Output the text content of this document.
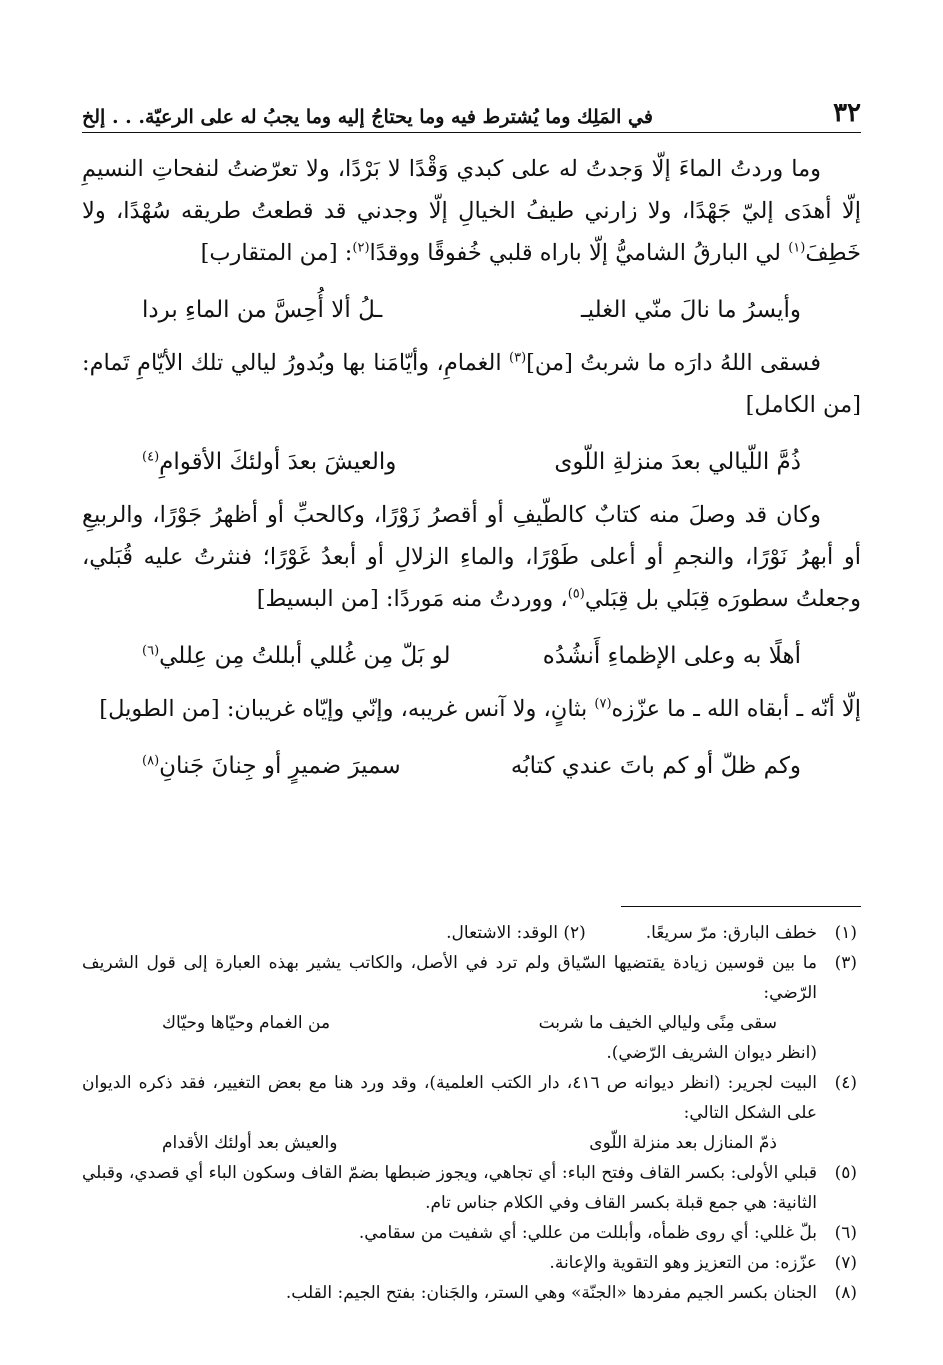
٣٢
في المَلِك وما يُشترط فيه وما يحتاجُ إليه وما يجبُ له على الرعيّة. . . إلخ

وما وردتُ الماءَ إلّا وَجدتُ له على كبدي وَقْدًا لا بَرْدًا، ولا تعرّضتُ لنفحاتِ النسيمِ إلّا أهدَى إليّ جَهْدًا، ولا زارني طيفُ الخيالِ إلّا وجدني قد قطعتُ طريقه سُهْدًا، ولا خَطِفَ$^{(١)}$ لي البارقُ الشاميُّ إلّا باراه قلبي خُفوقًا ووقدًا$^{(٢)}$: [من المتقارب]

وأيسرُ ما نالَ منّي الغليـ
ـلُ ألا أُحِسَّ من الماءِ بردا

فسقى اللهُ دارَه ما شربتُ [من]$^{(٣)}$ الغمامِ، وأيّامَنا بها وبُدورُ ليالي تلك الأيّامِ تَمام: [من الكامل]

ذُمَّ اللّيالي بعدَ منزلةِ اللّوى
والعيشَ بعدَ أولئكَ الأقوامِ$^{(٤)}$

وكان قد وصلَ منه كتابٌ كالطّيفِ أو أقصرُ زَوْرًا، وكالحبِّ أو أظهرُ جَوْرًا، والربيعِ أو أبهرُ نَوْرًا، والنجمِ أو أعلى طَوْرًا، والماءِ الزلالِ أو أبعدُ غَوْرًا؛ فنثرتُ عليه قُبَلي، وجعلتُ سطورَه قِبَلي بل قِبَلي$^{(٥)}$، ووردتُ منه مَوردًا: [من البسيط]

أهلًا به وعلى الإظماءِ أَنشُدُه
لو بَلّ مِن غُللي أبللتُ مِن عِللي$^{(٦)}$

إلّا أنّه ـ أبقاه الله ـ ما عزّزه$^{(٧)}$ بثانٍ، ولا آنس غريبه، وإنّي وإيّاه غريبان: [من الطويل]

وكم ظلّ أو كم باتَ عندي كتابُه
سميرَ ضميرٍ أو جِنانَ جَنانِ$^{(٨)}$
(١)
خطف البارق: مرّ سريعًا.
(٢) الوقد: الاشتعال.
(٣)
ما بين قوسين زيادة يقتضيها السّياق ولم ترد في الأصل، والكاتب يشير بهذه العبارة إلى قول الشريف الرّضي:
سقى مِنًى وليالي الخيف ما شربت
من الغمام وحيّاها وحيّاك
(انظر ديوان الشريف الرّضي).
(٤)
البيت لجرير: (انظر ديوانه ص ٤١٦، دار الكتب العلمية)، وقد ورد هنا مع بعض التغيير، فقد ذكره الديوان على الشكل التالي:
ذمّ المنازل بعد منزلة اللّوى
والعيش بعد أولئك الأقدام
(٥)
قبلي الأولى: بكسر القاف وفتح الباء: أي تجاهي، ويجوز ضبطها بضمّ القاف وسكون الباء أي قصدي، وقبلي الثانية: هي جمع قبلة بكسر القاف وفي الكلام جناس تام.
(٦)
بلّ غللي: أي روى ظمأه، وأبللت من عللي: أي شفيت من سقامي.
(٧)
عزّزه: من التعزيز وهو التقوية والإعانة.
(٨)
الجنان بكسر الجيم مفردها «الجنّة» وهي الستر، والجَنان: بفتح الجيم: القلب.
